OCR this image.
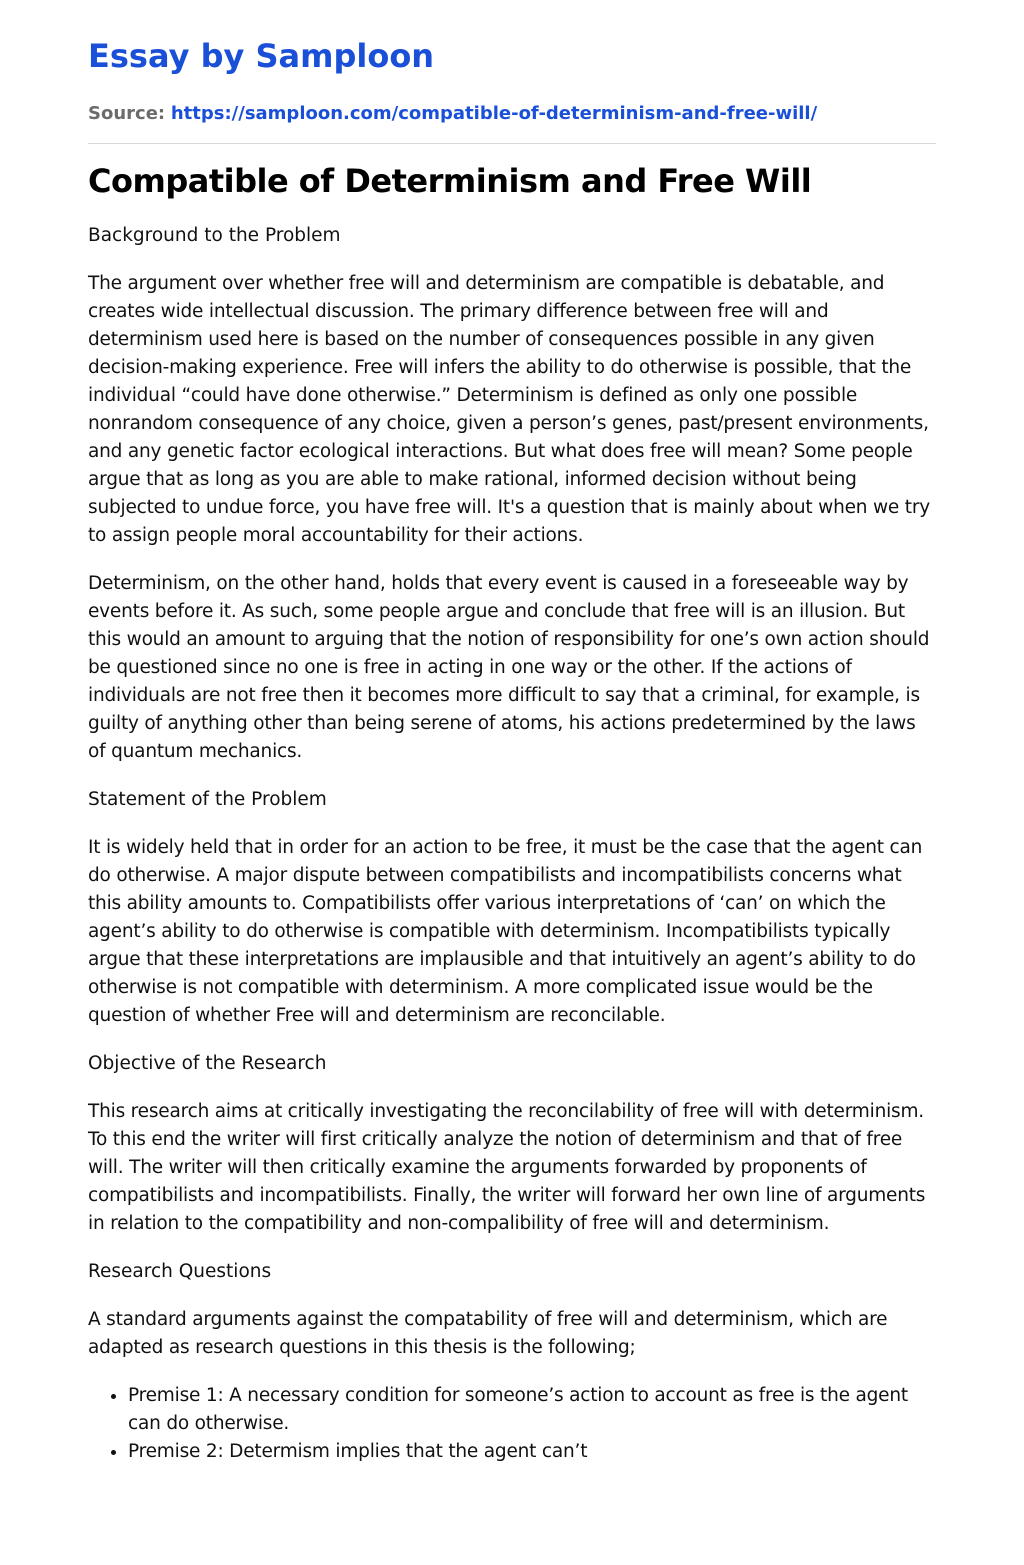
Essay by Samploon
Source: https://samploon.com/compatible-of-determinism-and-free-will/
Compatible of Determinism and Free Will

Background to the Problem

The argument over whether free will and determinism are compatible is debatable, and creates wide intellectual discussion. The primary difference between free will and determinism used here is based on the number of consequences possible in any given decision-making experience. Free will infers the ability to do otherwise is possible, that the individual “could have done otherwise.” Determinism is defined as only one possible nonrandom consequence of any choice, given a person’s genes, past/present environments, and any genetic factor ecological interactions. But what does free will mean? Some people argue that as long as you are able to make rational, informed decision without being subjected to undue force, you have free will. It's a question that is mainly about when we try to assign people moral accountability for their actions.

Determinism, on the other hand, holds that every event is caused in a foreseeable way by events before it. As such, some people argue and conclude that free will is an illusion. But this would an amount to arguing that the notion of responsibility for one’s own action should be questioned since no one is free in acting in one way or the other. If the actions of individuals are not free then it becomes more difficult to say that a criminal, for example, is guilty of anything other than being serene of atoms, his actions predetermined by the laws of quantum mechanics.

Statement of the Problem

It is widely held that in order for an action to be free, it must be the case that the agent can do otherwise. A major dispute between compatibilists and incompatibilists concerns what this ability amounts to. Compatibilists offer various interpretations of ‘can’ on which the agent’s ability to do otherwise is compatible with determinism. Incompatibilists typically argue that these interpretations are implausible and that intuitively an agent’s ability to do otherwise is not compatible with determinism. A more complicated issue would be the question of whether Free will and determinism are reconcilable.

Objective of the Research

This research aims at critically investigating the reconcilability of free will with determinism. To this end the writer will first critically analyze the notion of determinism and that of free will. The writer will then critically examine the arguments forwarded by proponents of compatibilists and incompatibilists. Finally, the writer will forward her own line of arguments in relation to the compatibility and non-compalibility of free will and determinism.

Research Questions

A standard arguments against the compatability of free will and determinism, which are adapted as research questions in this thesis is the following;

• Premise 1: A necessary condition for someone’s action to account as free is the agent can do otherwise.
• Premise 2: Determism implies that the agent can’t
